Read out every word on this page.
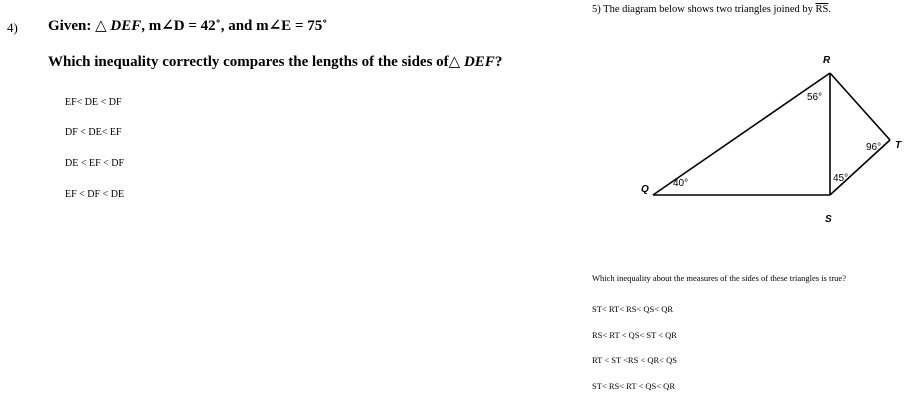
4) Given: △ DEF, m∠D = 42˚, and m∠E = 75˚
Which inequality correctly compares the lengths of the sides of△ DEF?
EF< DE < DF
DF < DE< EF
DE < EF < DF
EF < DF < DE
5) The diagram below shows two triangles joined by $\overline{RS}$.
R
Q
S
T
56°
96°
40°	45°
Which inequality about the measures of the sides of these triangles is true?
ST< RT< RS< QS< QR
RS< RT < QS< ST < QR
RT < ST <RS < QR< QS
ST< RS< RT < QS< QR
